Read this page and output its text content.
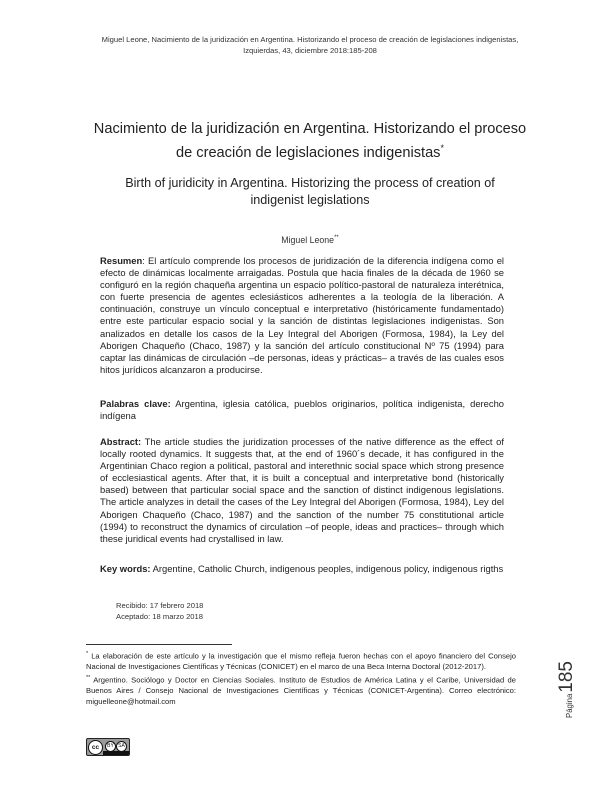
Miguel Leone, Nacimiento de la juridización en Argentina. Historizando el proceso de creación de legislaciones indigenistas,
Izquierdas, 43, diciembre 2018:185-208
Nacimiento de la juridización en Argentina. Historizando el proceso
de creación de legislaciones indigenistas*
Birth of juridicity in Argentina. Historizing the process of creation of
indigenist legislations
Miguel Leone**
Resumen: El artículo comprende los procesos de juridización de la diferencia indígena como el efecto de dinámicas localmente arraigadas. Postula que hacia finales de la década de 1960 se configuró en la región chaqueña argentina un espacio político-pastoral de naturaleza interétnica, con fuerte presencia de agentes eclesiásticos adherentes a la teología de la liberación. A continuación, construye un vínculo conceptual e interpretativo (históricamente fundamentado) entre este particular espacio social y la sanción de distintas legislaciones indigenistas. Son analizados en detalle los casos de la Ley Integral del Aborigen (Formosa, 1984), la Ley del Aborigen Chaqueño (Chaco, 1987) y la sanción del artículo constitucional Nº 75 (1994) para captar las dinámicas de circulación –de personas, ideas y prácticas– a través de las cuales esos hitos jurídicos alcanzaron a producirse.
Palabras clave: Argentina, iglesia católica, pueblos originarios, política indigenista, derecho indígena
Abstract: The article studies the juridization processes of the native difference as the effect of locally rooted dynamics. It suggests that, at the end of 1960´s decade, it has configured in the Argentinian Chaco region a political, pastoral and interethnic social space which strong presence of ecclesiastical agents. After that, it is built a conceptual and interpretative bond (historically based) between that particular social space and the sanction of distinct indigenous legislations. The article analyzes in detail the cases of the Ley Integral del Aborigen (Formosa, 1984), Ley del Aborigen Chaqueño (Chaco, 1987) and the sanction of the number 75 constitutional article (1994) to reconstruct the dynamics of circulation –of people, ideas and practices– through which these juridical events had crystallised in law.
Key words: Argentine, Catholic Church, indigenous peoples, indigenous policy, indigenous rigths
Recibido: 17 febrero 2018
Aceptado: 18 marzo 2018

* La elaboración de este artículo y la investigación que el mismo refleja fueron hechas con el apoyo financiero del Consejo Nacional de Investigaciones Científicas y Técnicas (CONICET) en el marco de una Beca Interna Doctoral (2012-2017).

** Argentino. Sociólogo y Doctor en Ciencias Sociales. Instituto de Estudios de América Latina y el Caribe, Universidad de Buenos Aires / Consejo Nacional de Investigaciones Científicas y Técnicas (CONICET-Argentina). Correo electrónico: miguelleone@hotmail.com	Página185
cc	BY SA
